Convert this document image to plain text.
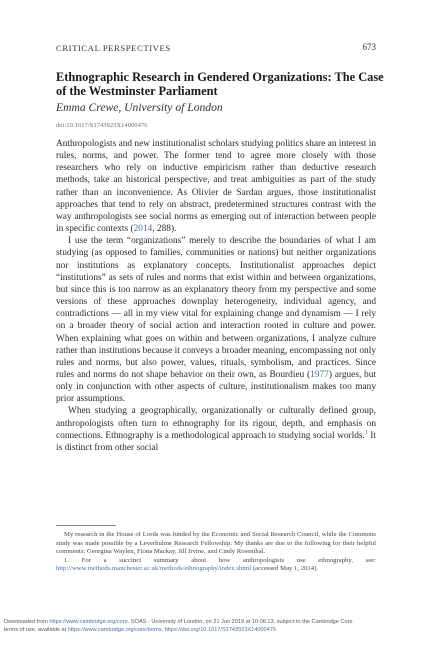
CRITICAL PERSPECTIVES	673
Ethnographic Research in Gendered Organizations: The Case of the Westminster Parliament
Emma Crewe, University of London
doi:10.1017/S1743923X14000476

Anthropologists and new institutionalist scholars studying politics share an interest in rules, norms, and power. The former tend to agree more closely with those researchers who rely on inductive empiricism rather than deductive research methods, take an historical perspective, and treat ambiguities as part of the study rather than an inconvenience. As Olivier de Sardan argues, those institutionalist approaches that tend to rely on abstract, predetermined structures contrast with the way anthropologists see social norms as emerging out of interaction between people in specific contexts (2014, 288).

I use the term “organizations” merely to describe the boundaries of what I am studying (as opposed to families, communities or nations) but neither organizations nor institutions as explanatory concepts. Institutionalist approaches depict “institutions” as sets of rules and norms that exist within and between organizations, but since this is too narrow as an explanatory theory from my perspective and some versions of these approaches downplay heterogeneity, individual agency, and contradictions — all in my view vital for explaining change and dynamism — I rely on a broader theory of social action and interaction rooted in culture and power. When explaining what goes on within and between organizations, I analyze culture rather than institutions because it conveys a broader meaning, encompassing not only rules and norms, but also power, values, rituals, symbolism, and practices. Since rules and norms do not shape behavior on their own, as Bourdieu (1977) argues, but only in conjunction with other aspects of culture, institutionalism makes too many prior assumptions.

When studying a geographically, organizationally or culturally defined group, anthropologists often turn to ethnography for its rigour, depth, and emphasis on connections. Ethnography is a methodological approach to studying social worlds.$^1$ It is distinct from other social

My research in the House of Lords was funded by the Economic and Social Research Council, while the Commons study was made possible by a Leverhulme Research Fellowship. My thanks are due to the following for their helpful comments: Georgina Waylen, Fiona Mackay, Jill Irvine, and Cindy Rosenthal.

1. For a succinct summary about how anthropologists use ethnography, see: http://www.methods.manchester.ac.uk/methods/ethnography/index.shtml (accessed May 1, 2014).

Downloaded from https://www.cambridge.org/core. SOAS - University of London, on 21 Jun 2019 at 10:06:13, subject to the Cambridge Core
terms of use, available at https://www.cambridge.org/core/terms. https://doi.org/10.1017/S1743923X14000476
